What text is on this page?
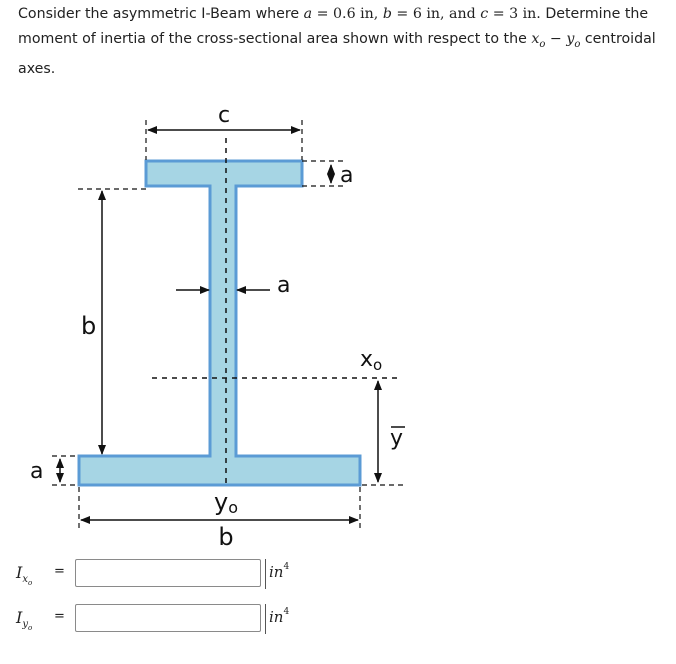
Consider the asymmetric I-Beam where a = 0.6 in, b = 6 in, and c = 3 in. Determine the moment of inertia of the cross-sectional area shown with respect to the $x_o - y_o$ centroidal axes.
c
a
a
b
a
b
yo
xo
y
$I_{x_o}$
=	$in^4$
$I_{y_o}$
=	$in^4$
